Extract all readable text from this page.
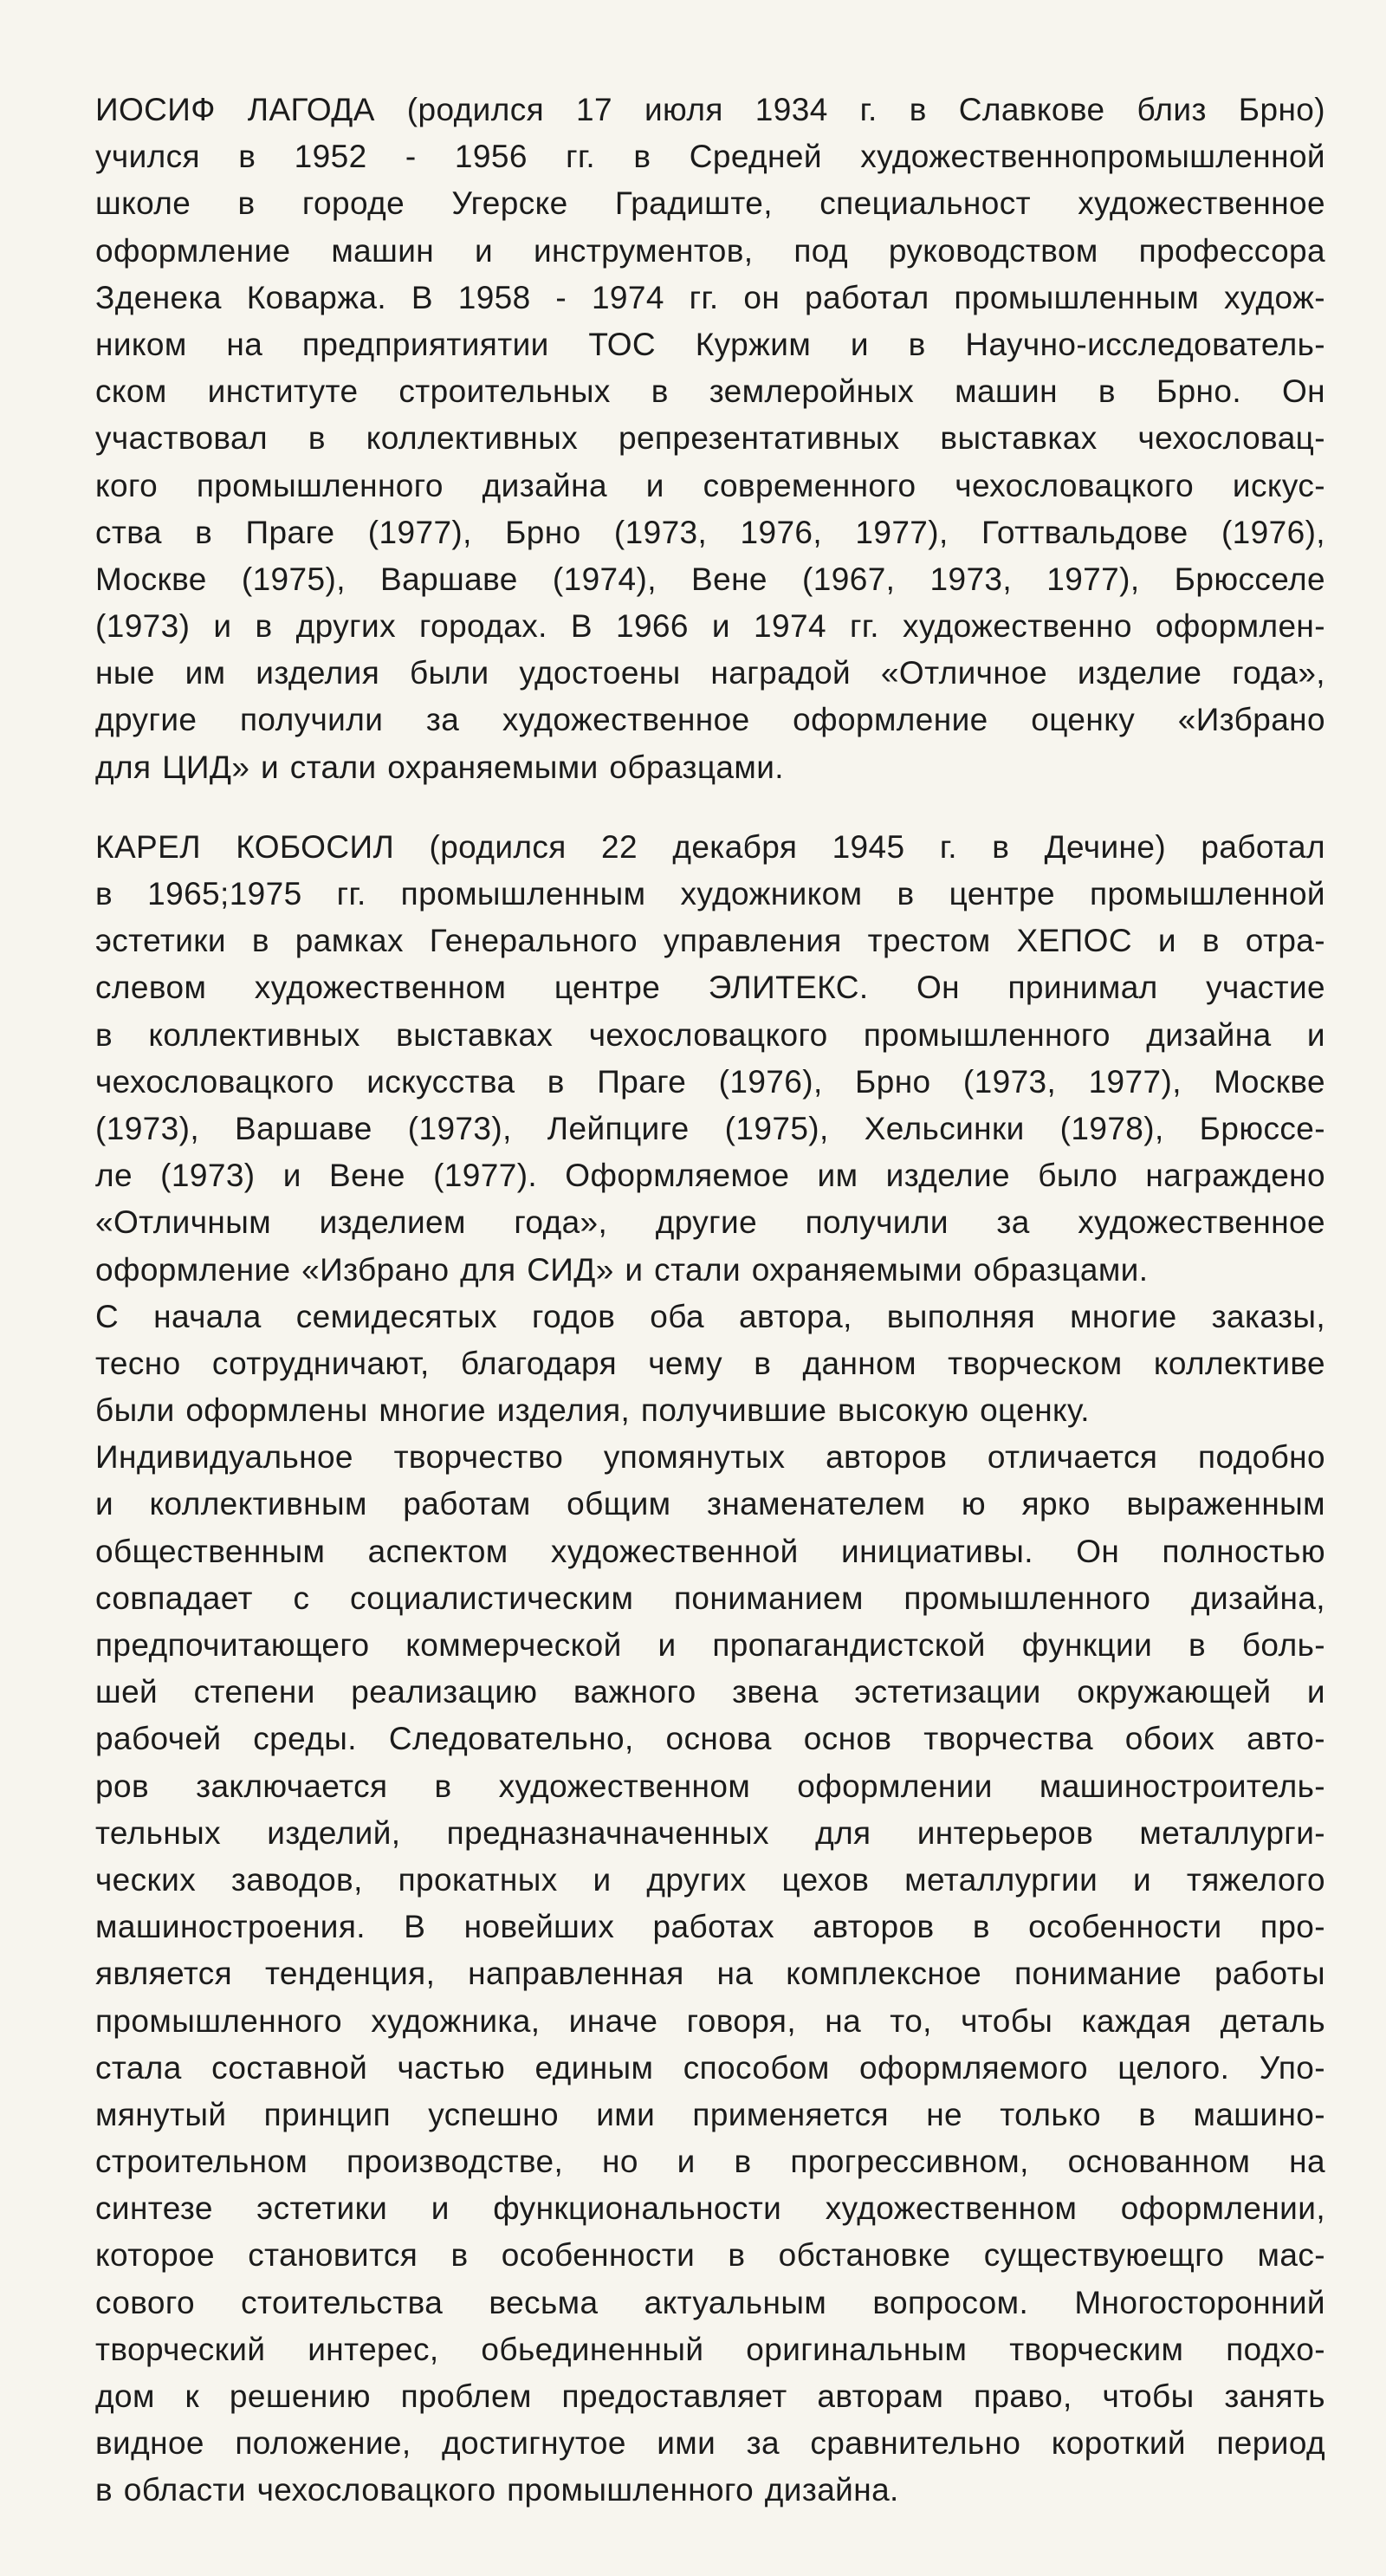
ИОСИФ ЛАГОДА (родился 17 июля 1934 г. в Славкове близ Брно)
учился в 1952 - 1956 гг. в Средней художественнопромышленной
школе в городе Угерске Градиште, специальност художественное
оформление машин и инструментов, под руководством профессора
Зденека Коваржа. В 1958 - 1974 гг. он работал промышленным худож-
ником на предприятиятии ТОС Куржим и в Научно-исследователь-
ском институте строительных в землеройных машин в Брно. Он
участвовал в коллективных репрезентативных выставках чехословац-
кого промышленного дизайна и современного чехословацкого искус-
ства в Праге (1977), Брно (1973, 1976, 1977), Готтвальдове (1976),
Москве (1975), Варшаве (1974), Вене (1967, 1973, 1977), Брюсселе
(1973) и в других городах. В 1966 и 1974 гг. художественно оформлен-
ные им изделия были удостоены наградой «Отличное изделие года»,
другие получили за художественное оформление оценку «Избрано
для ЦИД» и стали охраняемыми образцами.
КАРЕЛ КОБОСИЛ (родился 22 декабря 1945 г. в Дечине) работал
в 1965;1975 гг. промышленным художником в центре промышленной
эстетики в рамках Генерального управления трестом ХЕПОС и в отра-
слевом художественном центре ЭЛИТЕКС. Он принимал участие
в коллективных выставках чехословацкого промышленного дизайна и
чехословацкого искусства в Праге (1976), Брно (1973, 1977), Москве
(1973), Варшаве (1973), Лейпциге (1975), Хельсинки (1978), Брюссе-
ле (1973) и Вене (1977). Оформляемое им изделие было награждено
«Отличным изделием года», другие получили за художественное
оформление «Избрано для СИД» и стали охраняемыми образцами.
С начала семидесятых годов оба автора, выполняя многие заказы,
тесно сотрудничают, благодаря чему в данном творческом коллективе
были оформлены многие изделия, получившие высокую оценку.
Индивидуальное творчество упомянутых авторов отличается подобно
и коллективным работам общим знаменателем ю ярко выраженным
общественным аспектом художественной инициативы. Он полностью
совпадает с социалистическим пониманием промышленного дизайна,
предпочитающего коммерческой и пропагандистской функции в боль-
шей степени реализацию важного звена эстетизации окружающей и
рабочей среды. Следовательно, основа основ творчества обоих авто-
ров заключается в художественном оформлении машиностроитель-
тельных изделий, предназначначенных для интерьеров металлурги-
ческих заводов, прокатных и других цехов металлургии и тяжелого
машиностроения. В новейших работах авторов в особенности про-
является тенденция, направленная на комплексное понимание работы
промышленного художника, иначе говоря, на то, чтобы каждая деталь
стала составной частью единым способом оформляемого целого. Упо-
мянутый принцип успешно ими применяется не только в машино-
строительном производстве, но и в прогрессивном, основанном на
синтезе эстетики и функциональности художественном оформлении,
которое становится в особенности в обстановке существуюещго мас-
сового стоительства весьма актуальным вопросом. Многосторонний
творческий интерес, обьединенный оригинальным творческим подхо-
дом к решению проблем предоставляет авторам право, чтобы занять
видное положение, достигнутое ими за сравнительно короткий период
в области чехословацкого промышленного дизайна.
